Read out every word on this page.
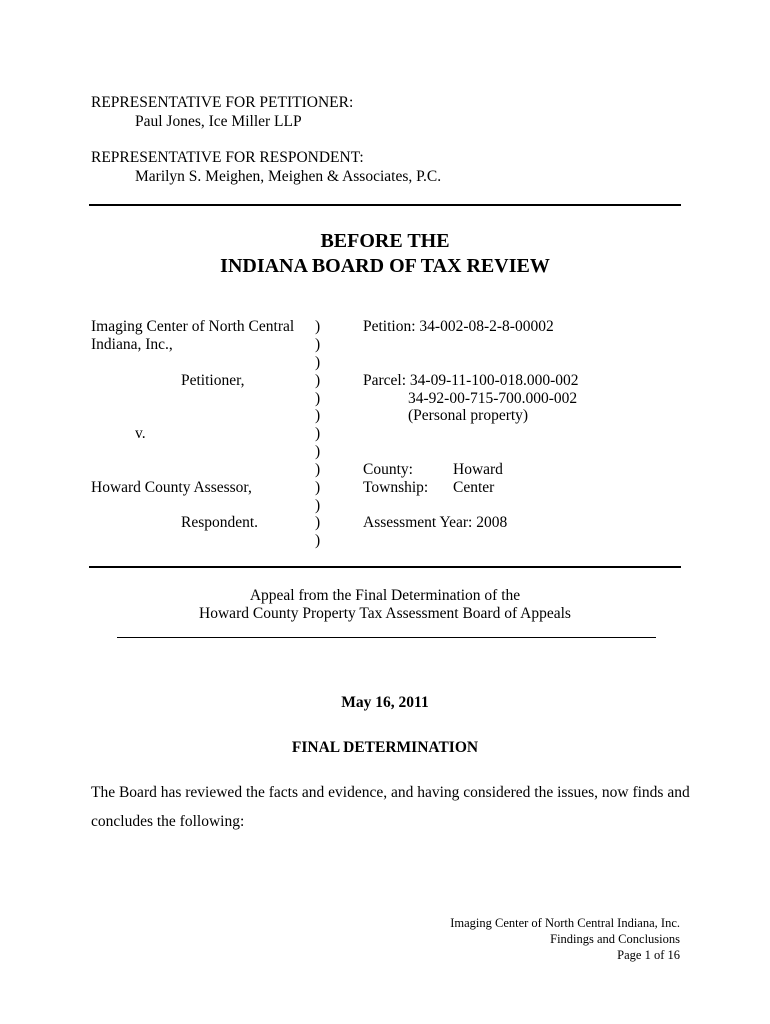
REPRESENTATIVE FOR PETITIONER:
Paul Jones, Ice Miller LLP
REPRESENTATIVE FOR RESPONDENT:
Marilyn S. Meighen, Meighen & Associates, P.C.
BEFORE THE
INDIANA BOARD OF TAX REVIEW
Imaging Center of North Central
Indiana, Inc.,
Petitioner,
v.
Howard County Assessor,
Respondent.
)
)
)
)
)
)
)
)
)
)
)
)
)
Petition: 34-002-08-2-8-00002
Parcel: 34-09-11-100-018.000-002
34-92-00-715-700.000-002
(Personal property)
County:	Howard
Township: Center
Assessment Year: 2008
Appeal from the Final Determination of the
Howard County Property Tax Assessment Board of Appeals
May 16, 2011
FINAL DETERMINATION
The Board has reviewed the facts and evidence, and having considered the issues, now finds and
concludes the following:
Imaging Center of North Central Indiana, Inc.
Findings and Conclusions
Page 1 of 16
